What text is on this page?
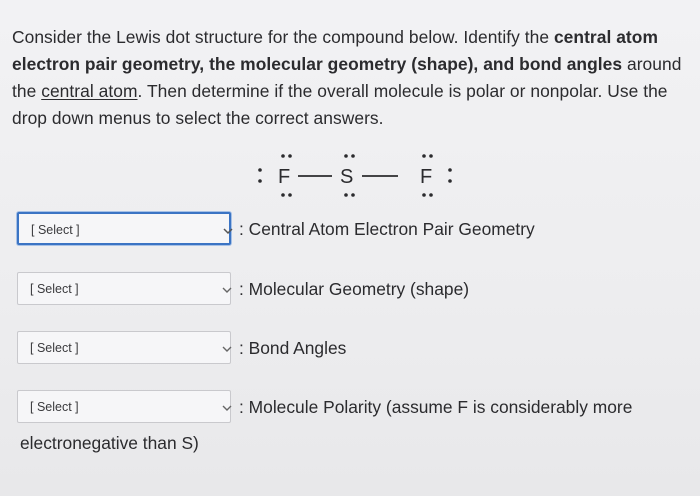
Consider the Lewis dot structure for the compound below. Identify the central atom electron pair geometry, the molecular geometry (shape), and bond angles around the central atom. Then determine if the overall molecule is polar or nonpolar. Use the drop down menus to select the correct answers.
F S	F
[ Select ]	: Central Atom Electron Pair Geometry
[ Select ]	: Molecular Geometry (shape)
[ Select ]	: Bond Angles
[ Select ]	: Molecule Polarity (assume F is considerably more
electronegative than S)
